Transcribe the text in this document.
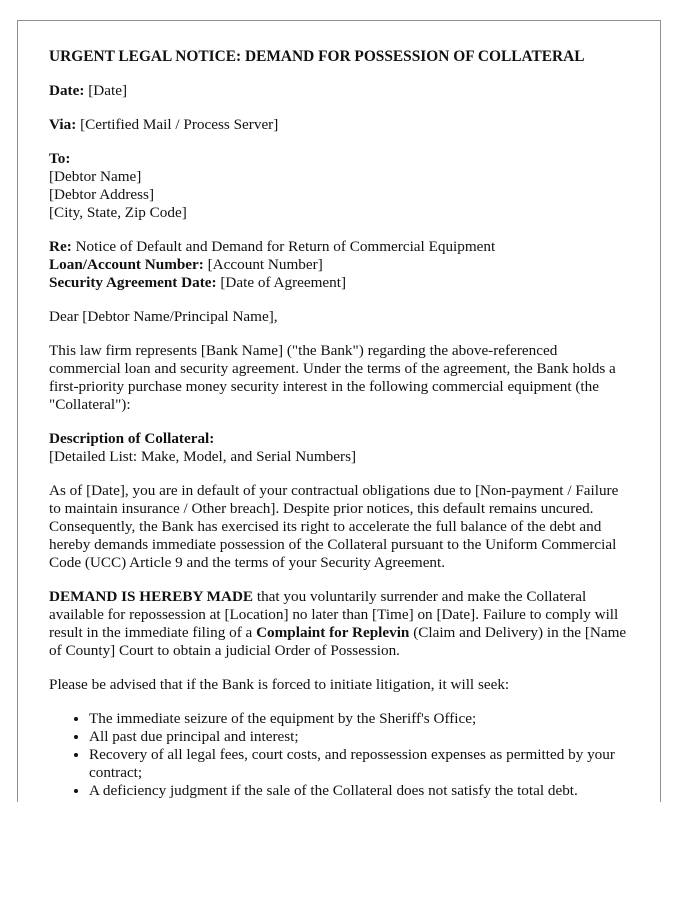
URGENT LEGAL NOTICE: DEMAND FOR POSSESSION OF COLLATERAL

Date: [Date]

Via: [Certified Mail / Process Server]

To:
[Debtor Name]
[Debtor Address]
[City, State, Zip Code]

Re: Notice of Default and Demand for Return of Commercial Equipment
Loan/Account Number: [Account Number]
Security Agreement Date: [Date of Agreement]

Dear [Debtor Name/Principal Name],

This law firm represents [Bank Name] ("the Bank") regarding the above-referenced commercial loan and security agreement. Under the terms of the agreement, the Bank holds a first-priority purchase money security interest in the following commercial equipment (the "Collateral"):

Description of Collateral:
[Detailed List: Make, Model, and Serial Numbers]

As of [Date], you are in default of your contractual obligations due to [Non-payment / Failure to maintain insurance / Other breach]. Despite prior notices, this default remains uncured. Consequently, the Bank has exercised its right to accelerate the full balance of the debt and hereby demands immediate possession of the Collateral pursuant to the Uniform Commercial Code (UCC) Article 9 and the terms of your Security Agreement.

DEMAND IS HEREBY MADE that you voluntarily surrender and make the Collateral available for repossession at [Location] no later than [Time] on [Date]. Failure to comply will result in the immediate filing of a Complaint for Replevin (Claim and Delivery) in the [Name of County] Court to obtain a judicial Order of Possession.

Please be advised that if the Bank is forced to initiate litigation, it will seek:

• The immediate seizure of the equipment by the Sheriff's Office;
• All past due principal and interest;
• Recovery of all legal fees, court costs, and repossession expenses as permitted by your contract;
• A deficiency judgment if the sale of the Collateral does not satisfy the total debt.
